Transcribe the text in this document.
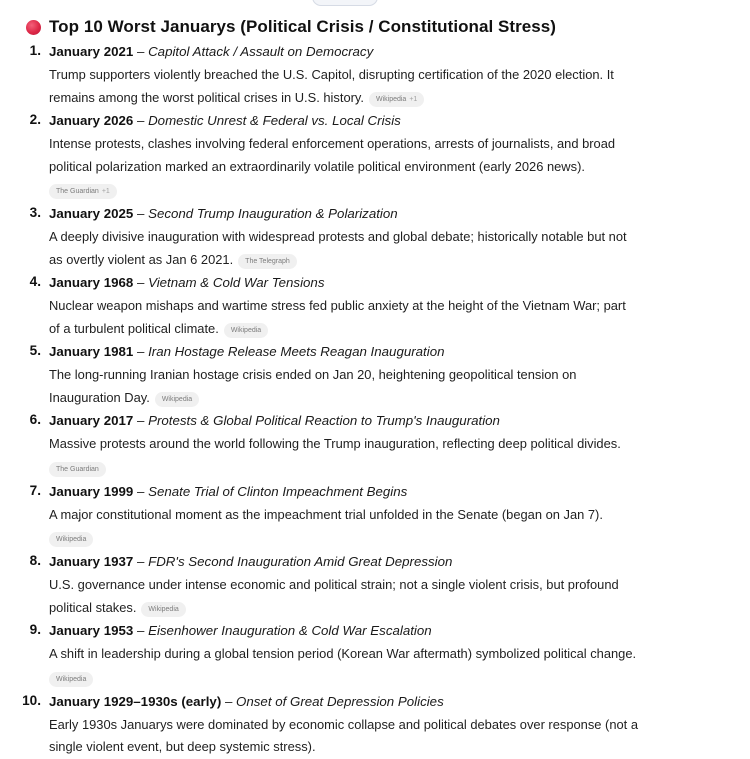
Top 10 Worst Januarys (Political Crisis / Constitutional Stress)
1. January 2021 – Capitol Attack / Assault on Democracy

Trump supporters violently breached the U.S. Capitol, disrupting certification of the 2020 election. It remains among the worst political crises in U.S. history. Wikipedia +1

2. January 2026 – Domestic Unrest & Federal vs. Local Crisis

Intense protests, clashes involving federal enforcement operations, arrests of journalists, and broad political polarization marked an extraordinarily volatile political environment (early 2026 news).

The Guardian +1
3. January 2025 – Second Trump Inauguration & Polarization

A deeply divisive inauguration with widespread protests and global debate; historically notable but not as overtly violent as Jan 6 2021. The Telegraph

4. January 1968 – Vietnam & Cold War Tensions

Nuclear weapon mishaps and wartime stress fed public anxiety at the height of the Vietnam War; part of a turbulent political climate. Wikipedia

5. January 1981 – Iran Hostage Release Meets Reagan Inauguration

The long-running Iranian hostage crisis ended on Jan 20, heightening geopolitical tension on Inauguration Day. Wikipedia

6. January 2017 – Protests & Global Political Reaction to Trump's Inauguration

Massive protests around the world following the Trump inauguration, reflecting deep political divides.

The Guardian
7. January 1999 – Senate Trial of Clinton Impeachment Begins

A major constitutional moment as the impeachment trial unfolded in the Senate (began on Jan 7).

Wikipedia
8. January 1937 – FDR's Second Inauguration Amid Great Depression

U.S. governance under intense economic and political strain; not a single violent crisis, but profound political stakes. Wikipedia

9. January 1953 – Eisenhower Inauguration & Cold War Escalation

A shift in leadership during a global tension period (Korean War aftermath) symbolized political change.

Wikipedia
10. January 1929–1930s (early) – Onset of Great Depression Policies

Early 1930s Januarys were dominated by economic collapse and political debates over response (not a single violent event, but deep systemic stress).
